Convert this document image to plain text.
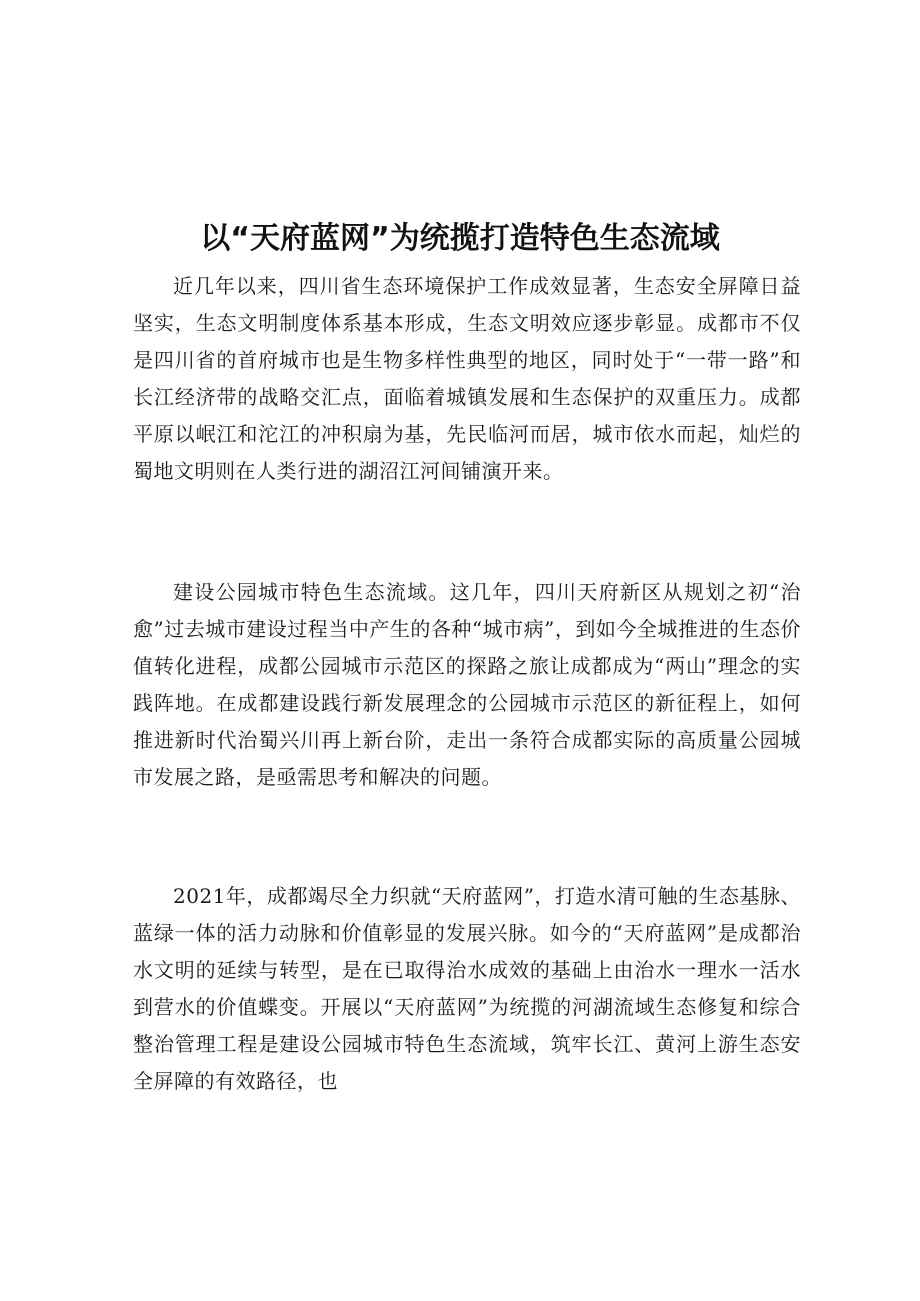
以“天府蓝网”为统揽打造特色生态流域

近几年以来，四川省生态环境保护工作成效显著，生态安全屏障日益坚实，生态文明制度体系基本形成，生态文明效应逐步彰显。成都市不仅是四川省的首府城市也是生物多样性典型的地区，同时处于“一带一路”和长江经济带的战略交汇点，面临着城镇发展和生态保护的双重压力。成都平原以岷江和沱江的冲积扇为基，先民临河而居，城市依水而起，灿烂的蜀地文明则在人类行进的湖沼江河间铺演开来。

建设公园城市特色生态流域。这几年，四川天府新区从规划之初“治愈”过去城市建设过程当中产生的各种“城市病”，到如今全城推进的生态价值转化进程，成都公园城市示范区的探路之旅让成都成为“两山”理念的实践阵地。在成都建设践行新发展理念的公园城市示范区的新征程上，如何推进新时代治蜀兴川再上新台阶，走出一条符合成都实际的高质量公园城市发展之路，是亟需思考和解决的问题。

2021年，成都竭尽全力织就“天府蓝网”，打造水清可触的生态基脉、蓝绿一体的活力动脉和价值彰显的发展兴脉。如今的“天府蓝网”是成都治水文明的延续与转型，是在已取得治水成效的基础上由治水一理水一活水到营水的价值蝶变。开展以“天府蓝网”为统揽的河湖流域生态修复和综合整治管理工程是建设公园城市特色生态流域，筑牢长江、黄河上游生态安全屏障的有效路径，也
